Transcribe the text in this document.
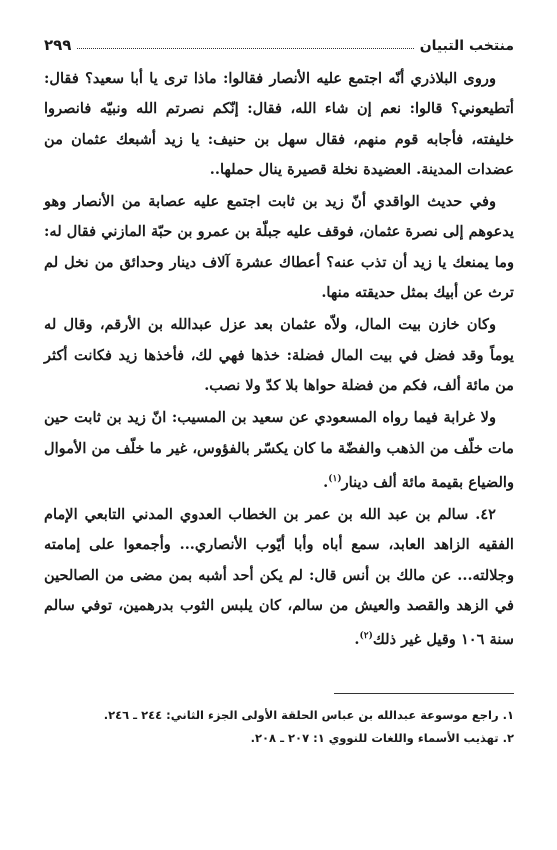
منتخب التبيان
٢٩٩

وروى البلاذري أنّه اجتمع عليه الأنصار فقالوا: ماذا ترى يا أبا سعيد؟ فقال: أتطيعوني؟ قالوا: نعم إن شاء الله، فقال: إنّكم نصرتم الله ونبيّه فانصروا خليفته، فأجابه قوم منهم، فقال سهل بن حنيف: يا زيد أشبعك عثمان من عضدات المدينة. العضيدة نخلة قصيرة ينال حملها..

وفي حديث الواقدي أنّ زيد بن ثابت اجتمع عليه عصابة من الأنصار وهو يدعوهم إلى نصرة عثمان، فوقف عليه جبلّة بن عمرو بن حبّة المازني فقال له: وما يمنعك يا زيد أن تذب عنه؟ أعطاك عشرة آلاف دينار وحدائق من نخل لم ترث عن أبيك بمثل حديقته منها.

وكان خازن بيت المال، ولاّه عثمان بعد عزل عبدالله بن الأرقم، وقال له يوماً وقد فضل في بيت المال فضلة: خذها فهي لك، فأخذها زيد فكانت أكثر من مائة ألف، فكم من فضلة حواها بلا كدّ ولا نصب.

ولا غرابة فيما رواه المسعودي عن سعيد بن المسيب: انّ زيد بن ثابت حين مات خلّف من الذهب والفضّة ما كان يكسّر بالفؤوس، غير ما خلّف من الأموال والضياع بقيمة مائة ألف دينار$^{(١)}$.

٤٢. سالم بن عبد الله بن عمر بن الخطاب العدوي المدني التابعي الإمام الفقيه الزاهد العابد، سمع أباه وأبا أيّوب الأنصاري... وأجمعوا على إمامته وجلالته... عن مالك بن أنس قال: لم يكن أحد أشبه بمن مضى من الصالحين في الزهد والقصد والعيش من سالم، كان يلبس الثوب بدرهمين، توفي سالم سنة ١٠٦ وقيل غير ذلك$^{(٢)}$.

١. راجع موسوعة عبدالله بن عباس الحلقة الأولى الجزء الثاني: ٢٤٤ ـ ٢٤٦.

٢. تهذيب الأسماء واللغات للنووي ١: ٢٠٧ ـ ٢٠٨.
